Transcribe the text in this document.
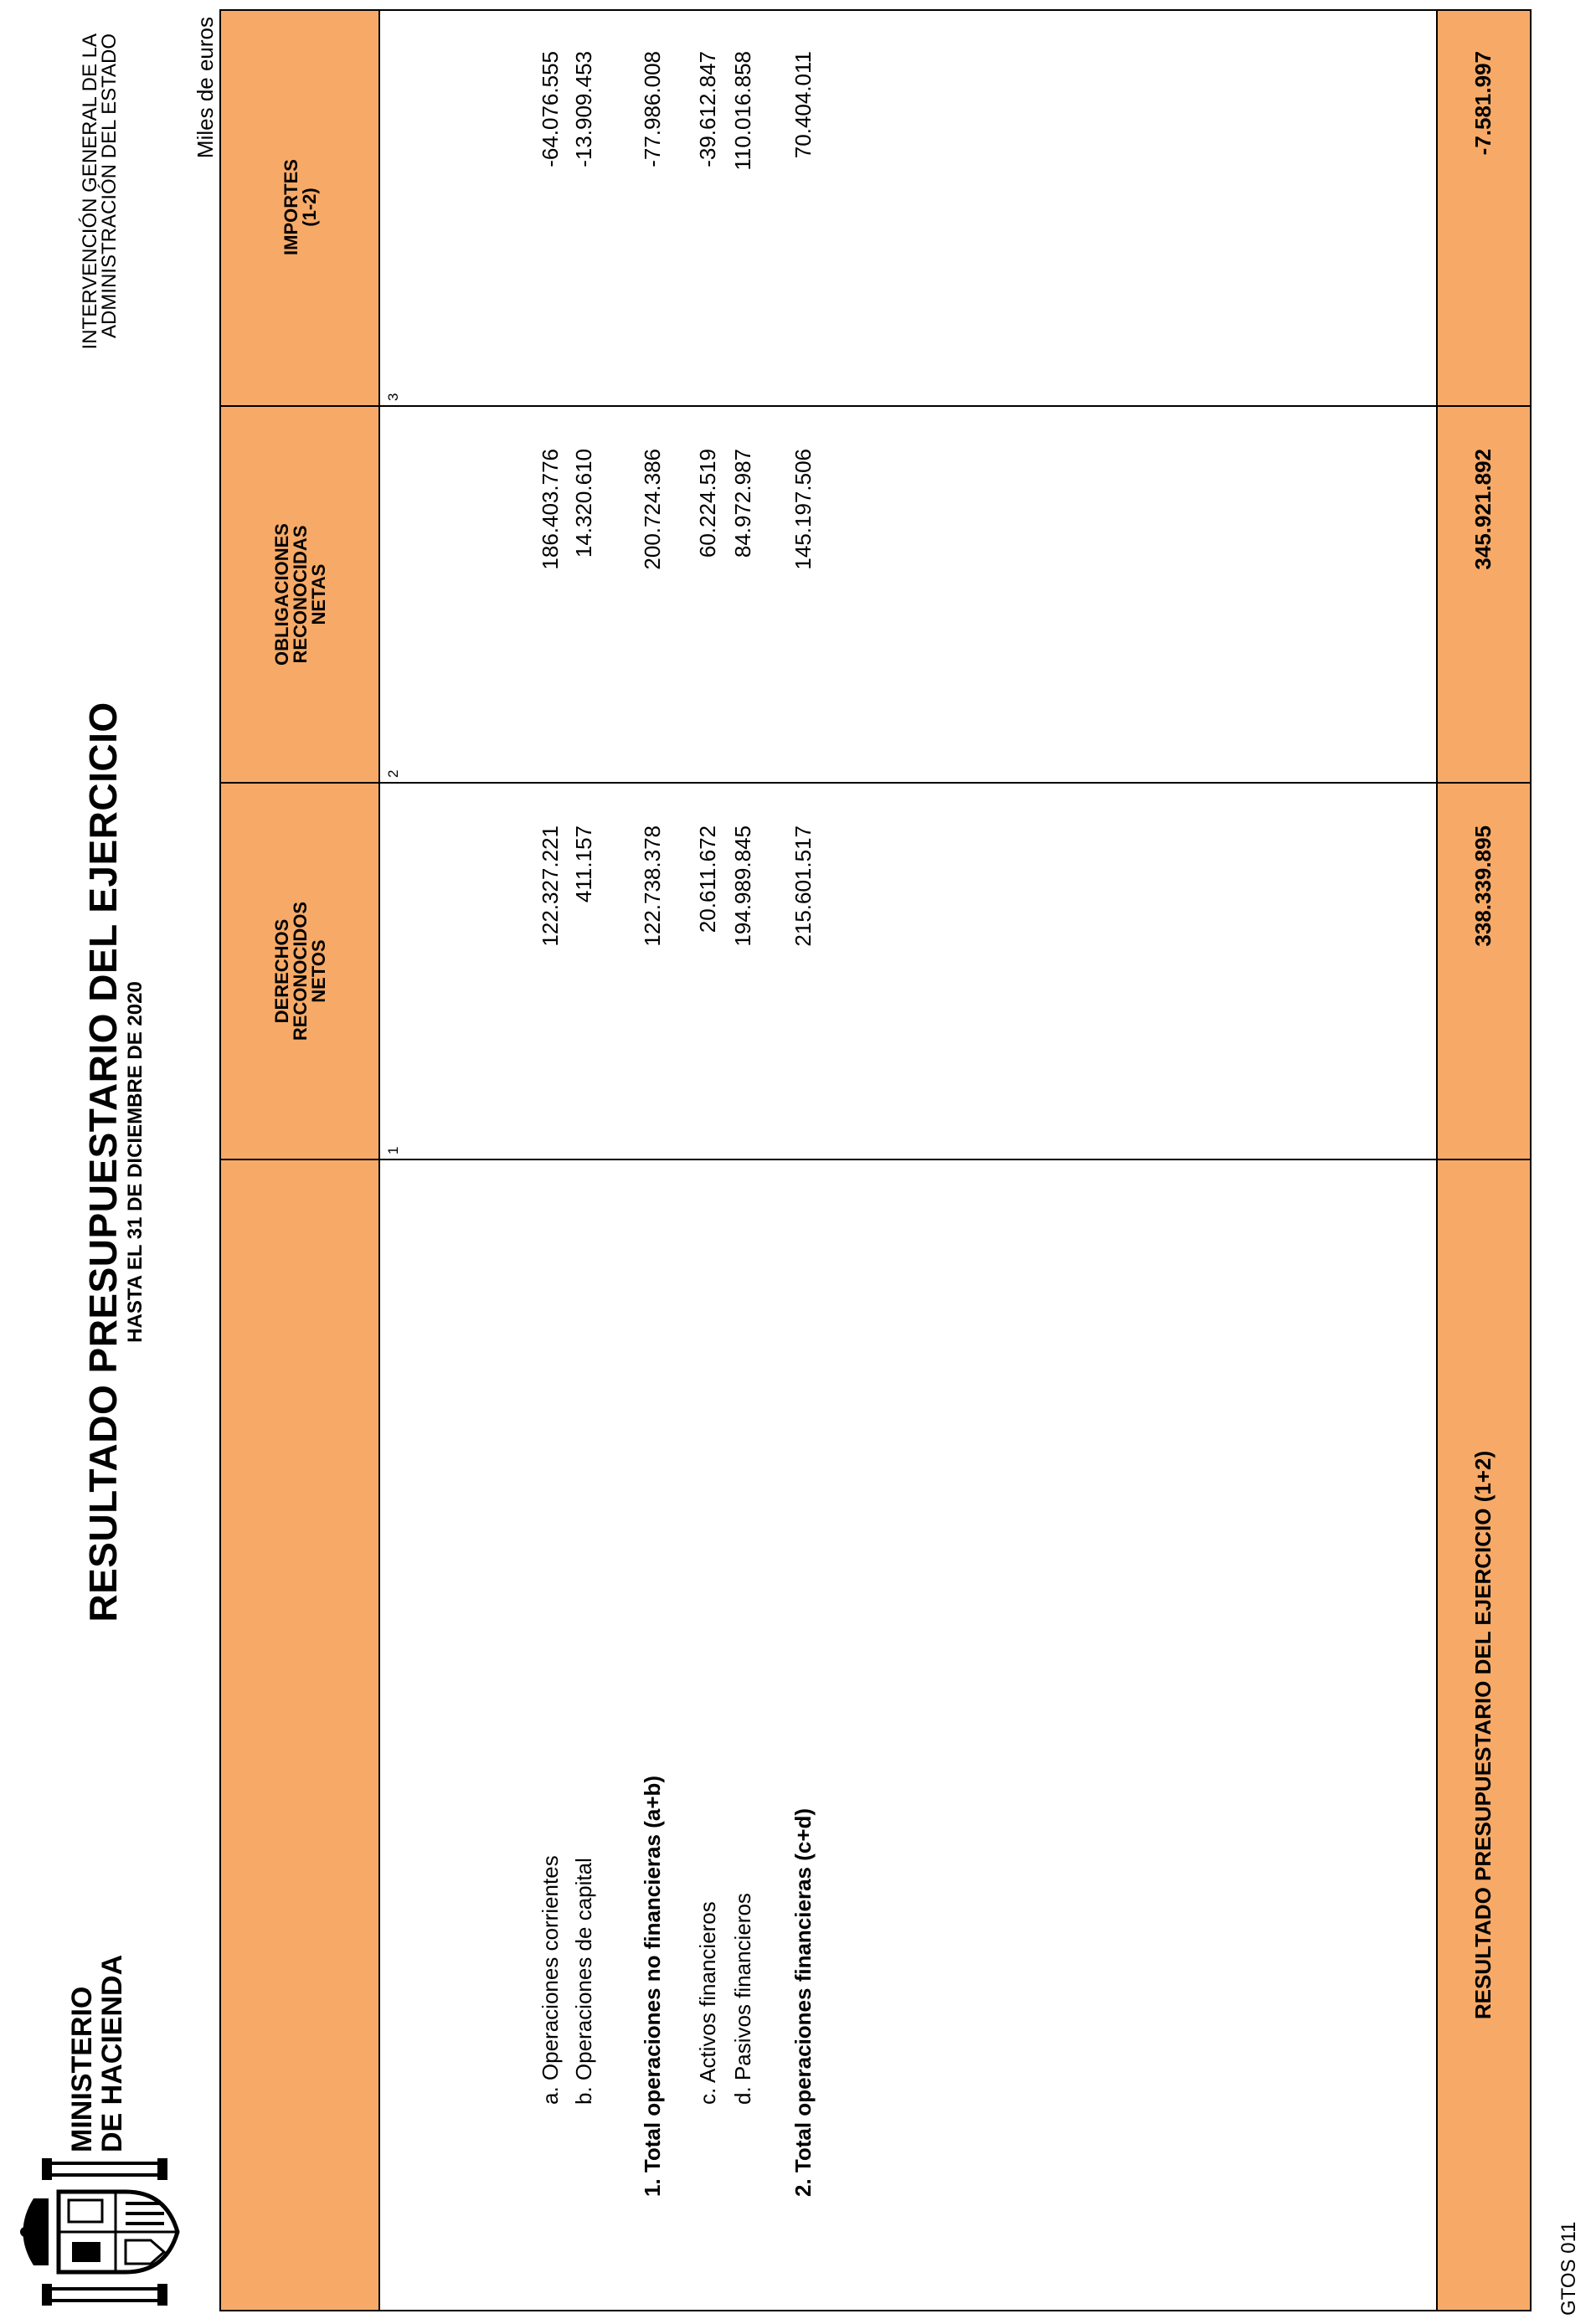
MINISTERIO
DE HACIENDA
RESULTADO PRESUPUESTARIO DEL EJERCICIO HASTA EL 31 DE DICIEMBRE DE 2020
INTERVENCIÓN GENERAL DE LA
ADMINISTRACIÓN DEL ESTADO	Miles de euros
DERECHOS
RECONOCIDOS
NETOS
OBLIGACIONES
RECONOCIDAS
NETAS
IMPORTES
(1-2)
1
2
3
a. Operaciones corrientes
122.327.221
186.403.776
-64.076.555
b. Operaciones de capital
411.157
14.320.610
-13.909.453
1. Total operaciones no financieras (a+b)
122.738.378
200.724.386
-77.986.008
c. Activos financieros
20.611.672
60.224.519
-39.612.847
d. Pasivos financieros
194.989.845
84.972.987
110.016.858
2. Total operaciones financieras (c+d)
215.601.517
145.197.506
70.404.011
RESULTADO PRESUPUESTARIO DEL EJERCICIO (1+2)
338.339.895
345.921.892
-7.581.997
GTOS 011
